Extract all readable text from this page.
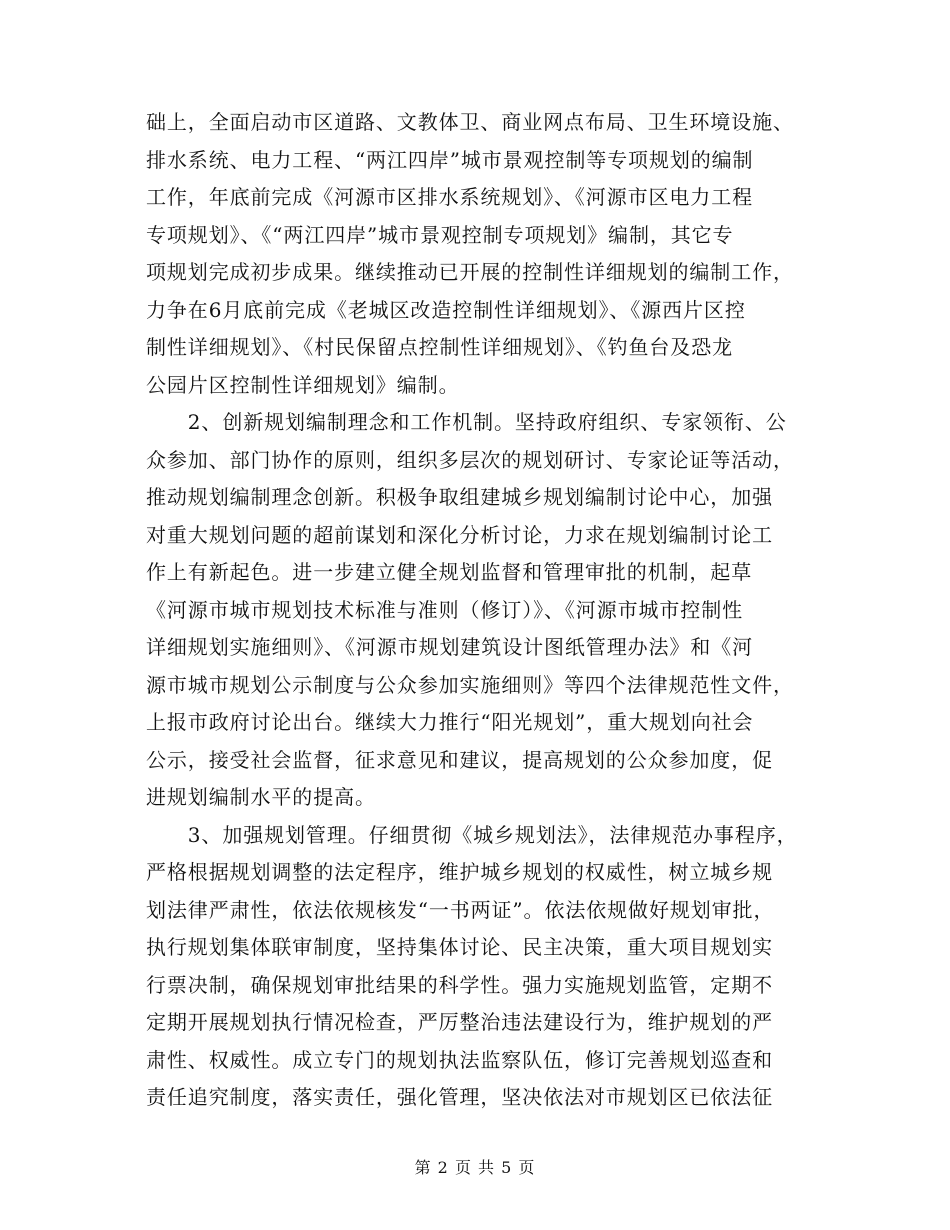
础上，全面启动市区道路、文教体卫、商业网点布局、卫生环境设施、
排水系统、电力工程、“两江四岸”城市景观控制等专项规划的编制
工作，年底前完成《河源市区排水系统规划》、《河源市区电力工程
专项规划》、《“两江四岸”城市景观控制专项规划》编制，其它专
项规划完成初步成果。继续推动已开展的控制性详细规划的编制工作，
力争在6月底前完成《老城区改造控制性详细规划》、《源西片区控
制性详细规划》、《村民保留点控制性详细规划》、《钓鱼台及恐龙
公园片区控制性详细规划》编制。
　　2、创新规划编制理念和工作机制。坚持政府组织、专家领衔、公
众参加、部门协作的原则，组织多层次的规划研讨、专家论证等活动，
推动规划编制理念创新。积极争取组建城乡规划编制讨论中心，加强
对重大规划问题的超前谋划和深化分析讨论，力求在规划编制讨论工
作上有新起色。进一步建立健全规划监督和管理审批的机制，起草
《河源市城市规划技术标准与准则（修订）》、《河源市城市控制性
详细规划实施细则》、《河源市规划建筑设计图纸管理办法》和《河
源市城市规划公示制度与公众参加实施细则》等四个法律规范性文件，
上报市政府讨论出台。继续大力推行“阳光规划”，重大规划向社会
公示，接受社会监督，征求意见和建议，提高规划的公众参加度，促
进规划编制水平的提高。
　　3、加强规划管理。仔细贯彻《城乡规划法》，法律规范办事程序，
严格根据规划调整的法定程序，维护城乡规划的权威性，树立城乡规
划法律严肃性，依法依规核发“一书两证”。依法依规做好规划审批，
执行规划集体联审制度，坚持集体讨论、民主决策，重大项目规划实
行票决制，确保规划审批结果的科学性。强力实施规划监管，定期不
定期开展规划执行情况检查，严厉整治违法建设行为，维护规划的严
肃性、权威性。成立专门的规划执法监察队伍，修订完善规划巡查和
责任追究制度，落实责任，强化管理，坚决依法对市规划区已依法征
第 2 页 共 5 页
